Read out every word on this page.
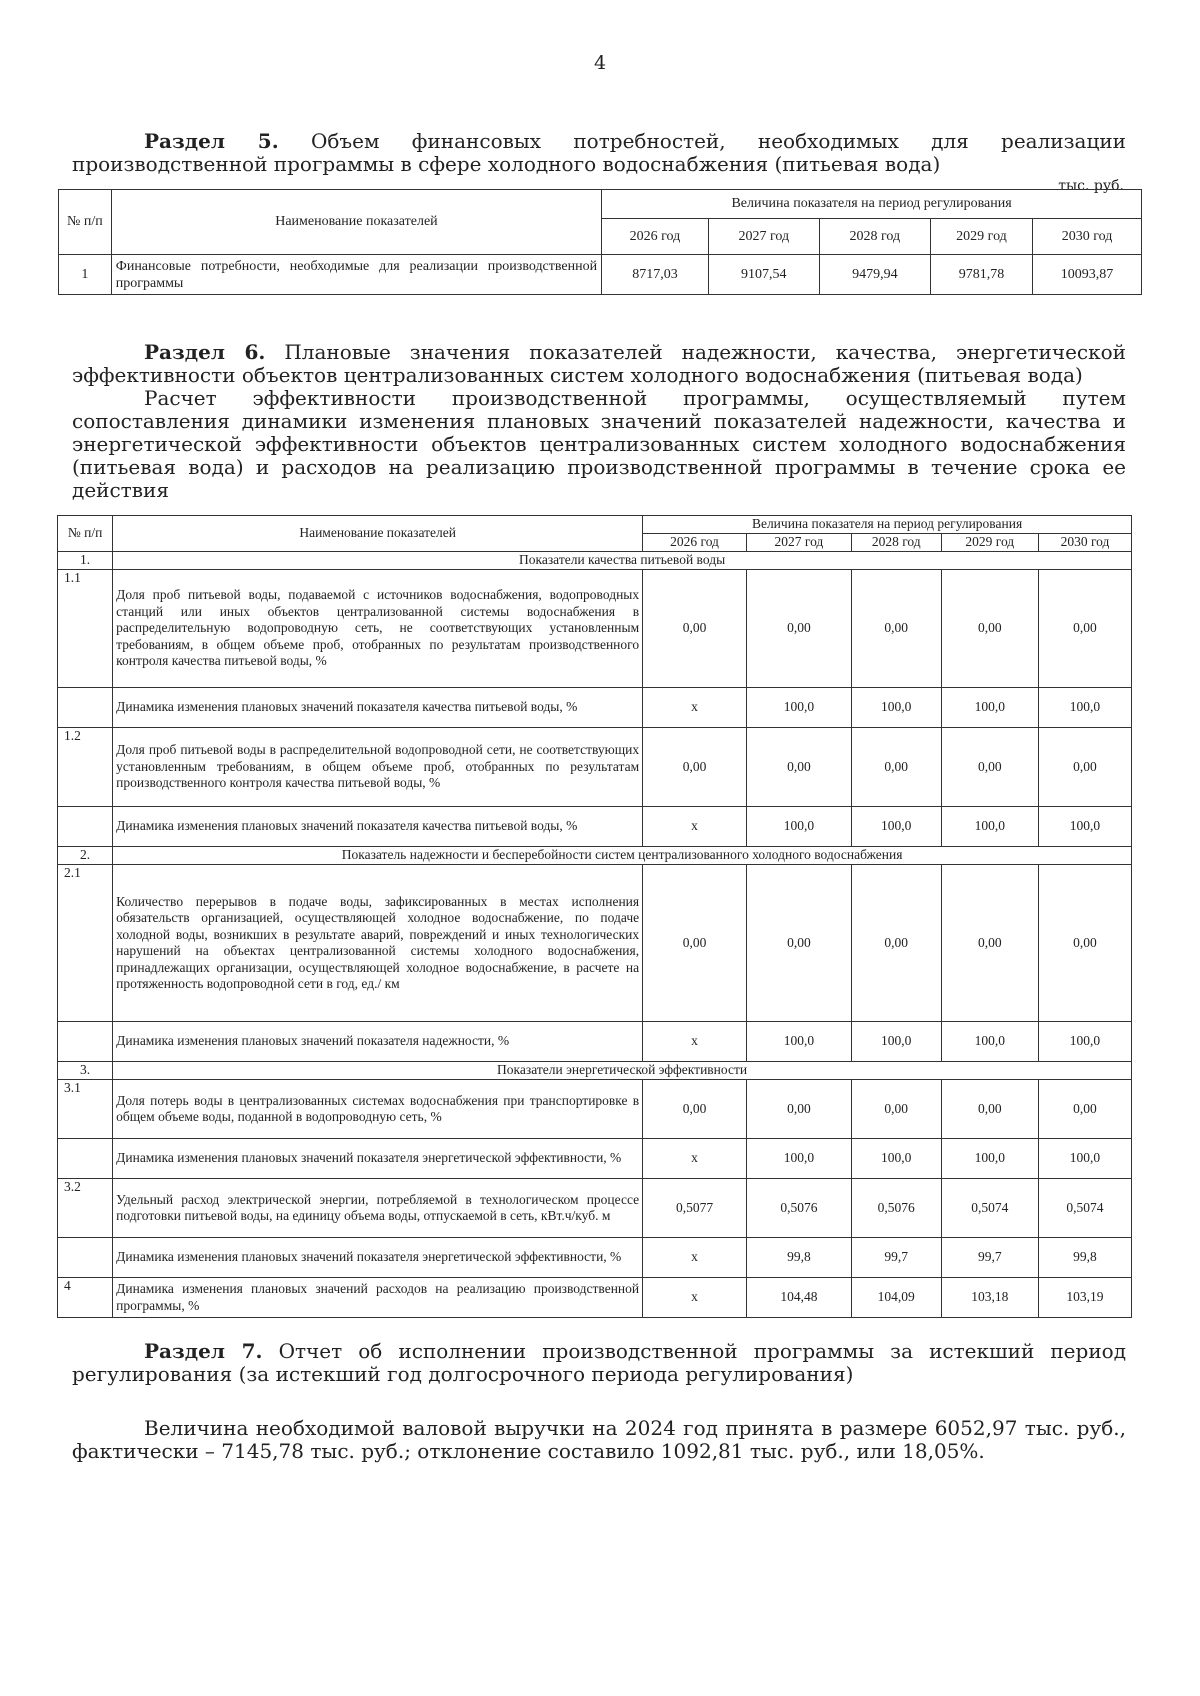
4

Раздел 5. Объем финансовых потребностей, необходимых для реализации производственной программы в сфере холодного водоснабжения (питьевая вода)

тыс. руб.
№ п/п	Наименование показателей	Величина показателя на период регулирования				
		2026 год	2027 год	2028 год	2029 год	2030 год
1	Финансовые потребности, необходимые для реализации производственной программы	8717,03	9107,54	9479,94	9781,78	10093,87

Раздел 6. Плановые значения показателей надежности, качества, энергетической эффективности объектов централизованных систем холодного водоснабжения (питьевая вода)

Расчет эффективности производственной программы, осуществляемый путем сопоставления динамики изменения плановых значений показателей надежности, качества и энергетической эффективности объектов централизованных систем холодного водоснабжения (питьевая вода) и расходов на реализацию производственной программы в течение срока ее действия

№ п/п	Наименование показателей	Величина показателя на период регулирования				
		2026 год	2027 год	2028 год	2029 год	2030 год
1.	Показатели качества питьевой воды					
1.1	Доля проб питьевой воды, подаваемой с источников водоснабжения, водопроводных станций или иных объектов централизованной системы водоснабжения в распределительную водопроводную сеть, не соответствующих установленным требованиям, в общем объеме проб, отобранных по результатам производственного контроля качества питьевой воды, %	0,00	0,00	0,00	0,00	0,00
	Динамика изменения плановых значений показателя качества питьевой воды, %	x	100,0	100,0	100,0	100,0
1.2	Доля проб питьевой воды в распределительной водопроводной сети, не соответствующих установленным требованиям, в общем объеме проб, отобранных по результатам производственного контроля качества питьевой воды, %	0,00	0,00	0,00	0,00	0,00
	Динамика изменения плановых значений показателя качества питьевой воды, %	x	100,0	100,0	100,0	100,0
2.	Показатель надежности и бесперебойности систем централизованного холодного водоснабжения					
2.1	Количество перерывов в подаче воды, зафиксированных в местах исполнения обязательств организацией, осуществляющей холодное водоснабжение, по подаче холодной воды, возникших в результате аварий, повреждений и иных технологических нарушений на объектах централизованной системы холодного водоснабжения, принадлежащих организации, осуществляющей холодное водоснабжение, в расчете на протяженность водопроводной сети в год, ед./ км	0,00	0,00	0,00	0,00	0,00
	Динамика изменения плановых значений показателя надежности, %	x	100,0	100,0	100,0	100,0
3.	Показатели энергетической эффективности					
3.1	Доля потерь воды в централизованных системах водоснабжения при транспортировке в общем объеме воды, поданной в водопроводную сеть, %	0,00	0,00	0,00	0,00	0,00
	Динамика изменения плановых значений показателя энергетической эффективности, %	x	100,0	100,0	100,0	100,0
3.2	Удельный расход электрической энергии, потребляемой в технологическом процессе подготовки питьевой воды, на единицу объема воды, отпускаемой в сеть, кВт.ч/куб. м	0,5077	0,5076	0,5076	0,5074	0,5074
	Динамика изменения плановых значений показателя энергетической эффективности, %	x	99,8	99,7	99,7	99,8
4	Динамика изменения плановых значений расходов на реализацию производственной программы, %	x	104,48	104,09	103,18	103,19

Раздел 7. Отчет об исполнении производственной программы за истекший период регулирования (за истекший год долгосрочного периода регулирования)

Величина необходимой валовой выручки на 2024 год принята в размере 6052,97 тыс. руб., фактически – 7145,78 тыс. руб.; отклонение составило 1092,81 тыс. руб., или 18,05%.
